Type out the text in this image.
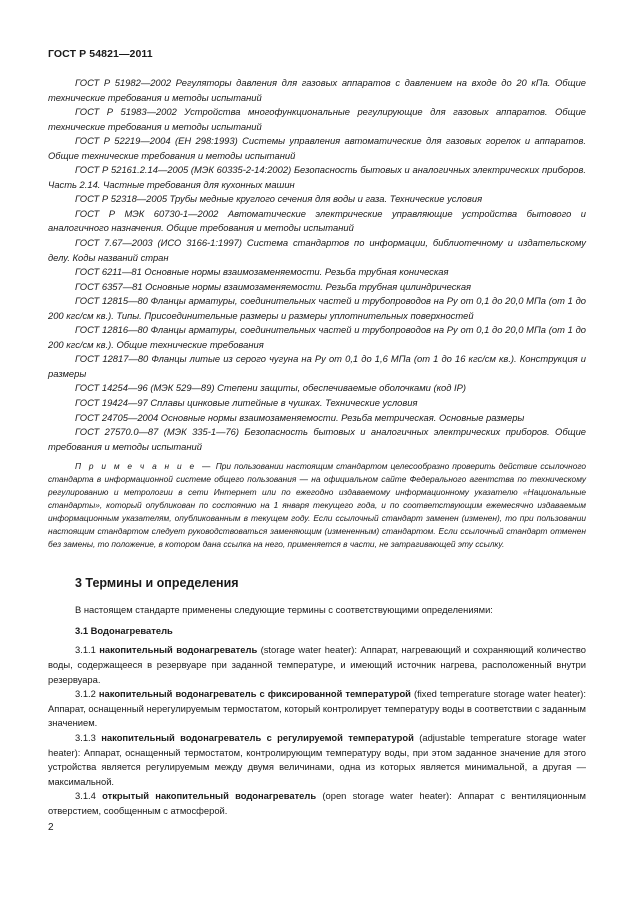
ГОСТ Р 54821—2011

ГОСТ Р 51982—2002 Регуляторы давления для газовых аппаратов с давлением на входе до 20 кПа. Общие технические требования и методы испытаний

ГОСТ Р 51983—2002 Устройства многофункциональные регулирующие для газовых аппаратов. Общие технические требования и методы испытаний

ГОСТ Р 52219—2004 (ЕН 298:1993) Системы управления автоматические для газовых горелок и аппаратов. Общие технические требования и методы испытаний

ГОСТ Р 52161.2.14—2005 (МЭК 60335-2-14:2002) Безопасность бытовых и аналогичных электрических приборов. Часть 2.14. Частные требования для кухонных машин

ГОСТ Р 52318—2005 Трубы медные круглого сечения для воды и газа. Технические условия

ГОСТ Р МЭК 60730-1—2002 Автоматические электрические управляющие устройства бытового и аналогичного назначения. Общие требования и методы испытаний

ГОСТ 7.67—2003 (ИСО 3166-1:1997) Система стандартов по информации, библиотечному и издательскому делу. Коды названий стран

ГОСТ 6211—81 Основные нормы взаимозаменяемости. Резьба трубная коническая

ГОСТ 6357—81 Основные нормы взаимозаменяемости. Резьба трубная цилиндрическая

ГОСТ 12815—80 Фланцы арматуры, соединительных частей и трубопроводов на Ру от 0,1 до 20,0 МПа (от 1 до 200 кгс/см кв.). Типы. Присоединительные размеры и размеры уплотнительных поверхностей

ГОСТ 12816—80 Фланцы арматуры, соединительных частей и трубопроводов на Ру от 0,1 до 20,0 МПа (от 1 до 200 кгс/см кв.). Общие технические требования

ГОСТ 12817—80 Фланцы литые из серого чугуна на Ру от 0,1 до 1,6 МПа (от 1 до 16 кгс/см кв.). Конструкция и размеры

ГОСТ 14254—96 (МЭК 529—89) Степени защиты, обеспечиваемые оболочками (код IP)

ГОСТ 19424—97 Сплавы цинковые литейные в чушках. Технические условия

ГОСТ 24705—2004 Основные нормы взаимозаменяемости. Резьба метрическая. Основные размеры

ГОСТ 27570.0—87 (МЭК 335-1—76) Безопасность бытовых и аналогичных электрических приборов. Общие требования и методы испытаний

П р и м е ч а н и е — При пользовании настоящим стандартом целесообразно проверить действие ссылочного стандарта в информационной системе общего пользования — на официальном сайте Федерального агентства по техническому регулированию и метрологии в сети Интернет или по ежегодно издаваемому информационному указателю «Национальные стандарты», который опубликован по состоянию на 1 января текущего года, и по соответствующим ежемесячно издаваемым информационным указателям, опубликованным в текущем году. Если ссылочный стандарт заменен (изменен), то при пользовании настоящим стандартом следует руководствоваться заменяющим (измененным) стандартом. Если ссылочный стандарт отменен без замены, то положение, в котором дана ссылка на него, применяется в части, не затрагивающей эту ссылку.

3 Термины и определения

В настоящем стандарте применены следующие термины с соответствующими определениями:

3.1 Водонагреватель

3.1.1 накопительный водонагреватель (storage water heater): Аппарат, нагревающий и сохраняющий количество воды, содержащееся в резервуаре при заданной температуре, и имеющий источник нагрева, расположенный внутри резервуара.

3.1.2 накопительный водонагреватель с фиксированной температурой (fixed temperature storage water heater): Аппарат, оснащенный нерегулируемым термостатом, который контролирует температуру воды в соответствии с заданным значением.

3.1.3 накопительный водонагреватель с регулируемой температурой (adjustable temperature storage water heater): Аппарат, оснащенный термостатом, контролирующим температуру воды, при этом заданное значение для этого устройства является регулируемым между двумя величинами, одна из которых является минимальной, а другая — максимальной.

3.1.4 открытый накопительный водонагреватель (open storage water heater): Аппарат с вентиляционным отверстием, сообщенным с атмосферой.

2
